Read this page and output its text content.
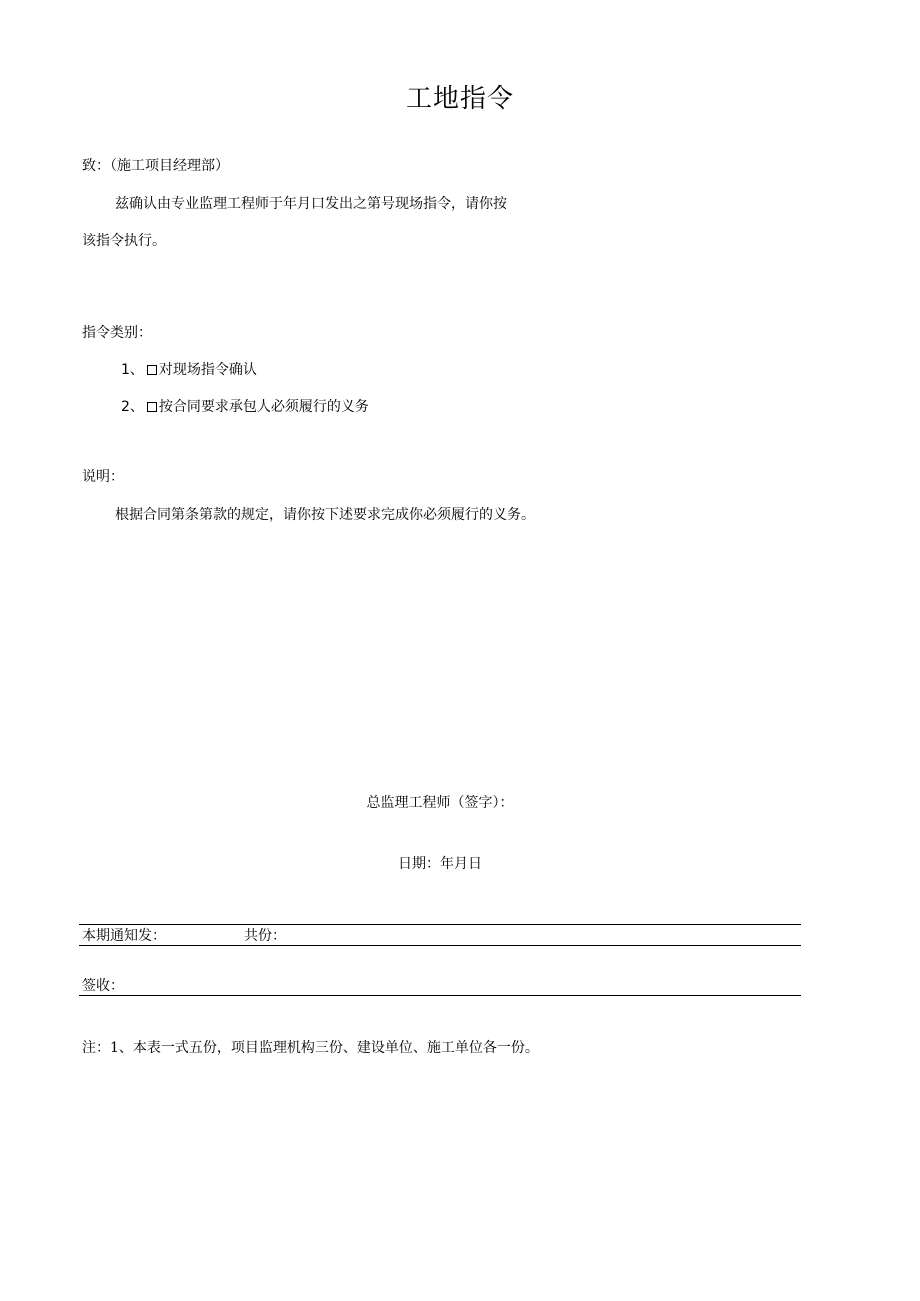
工地指令
致：（施工项目经理部）
兹确认由专业监理工程师于年月口发出之第号现场指令，请你按
该指令执行。
指令类别：
1、 对现场指令确认
2、 按合同要求承包人必须履行的义务
说明：
根据合同第条第款的规定，请你按下述要求完成你必须履行的义务。
总监理工程师（签字）：
日期：年月日
本期通知发：	共份：
签收：
注：1、本表一式五份，项目监理机构三份、建设单位、施工单位各一份。
